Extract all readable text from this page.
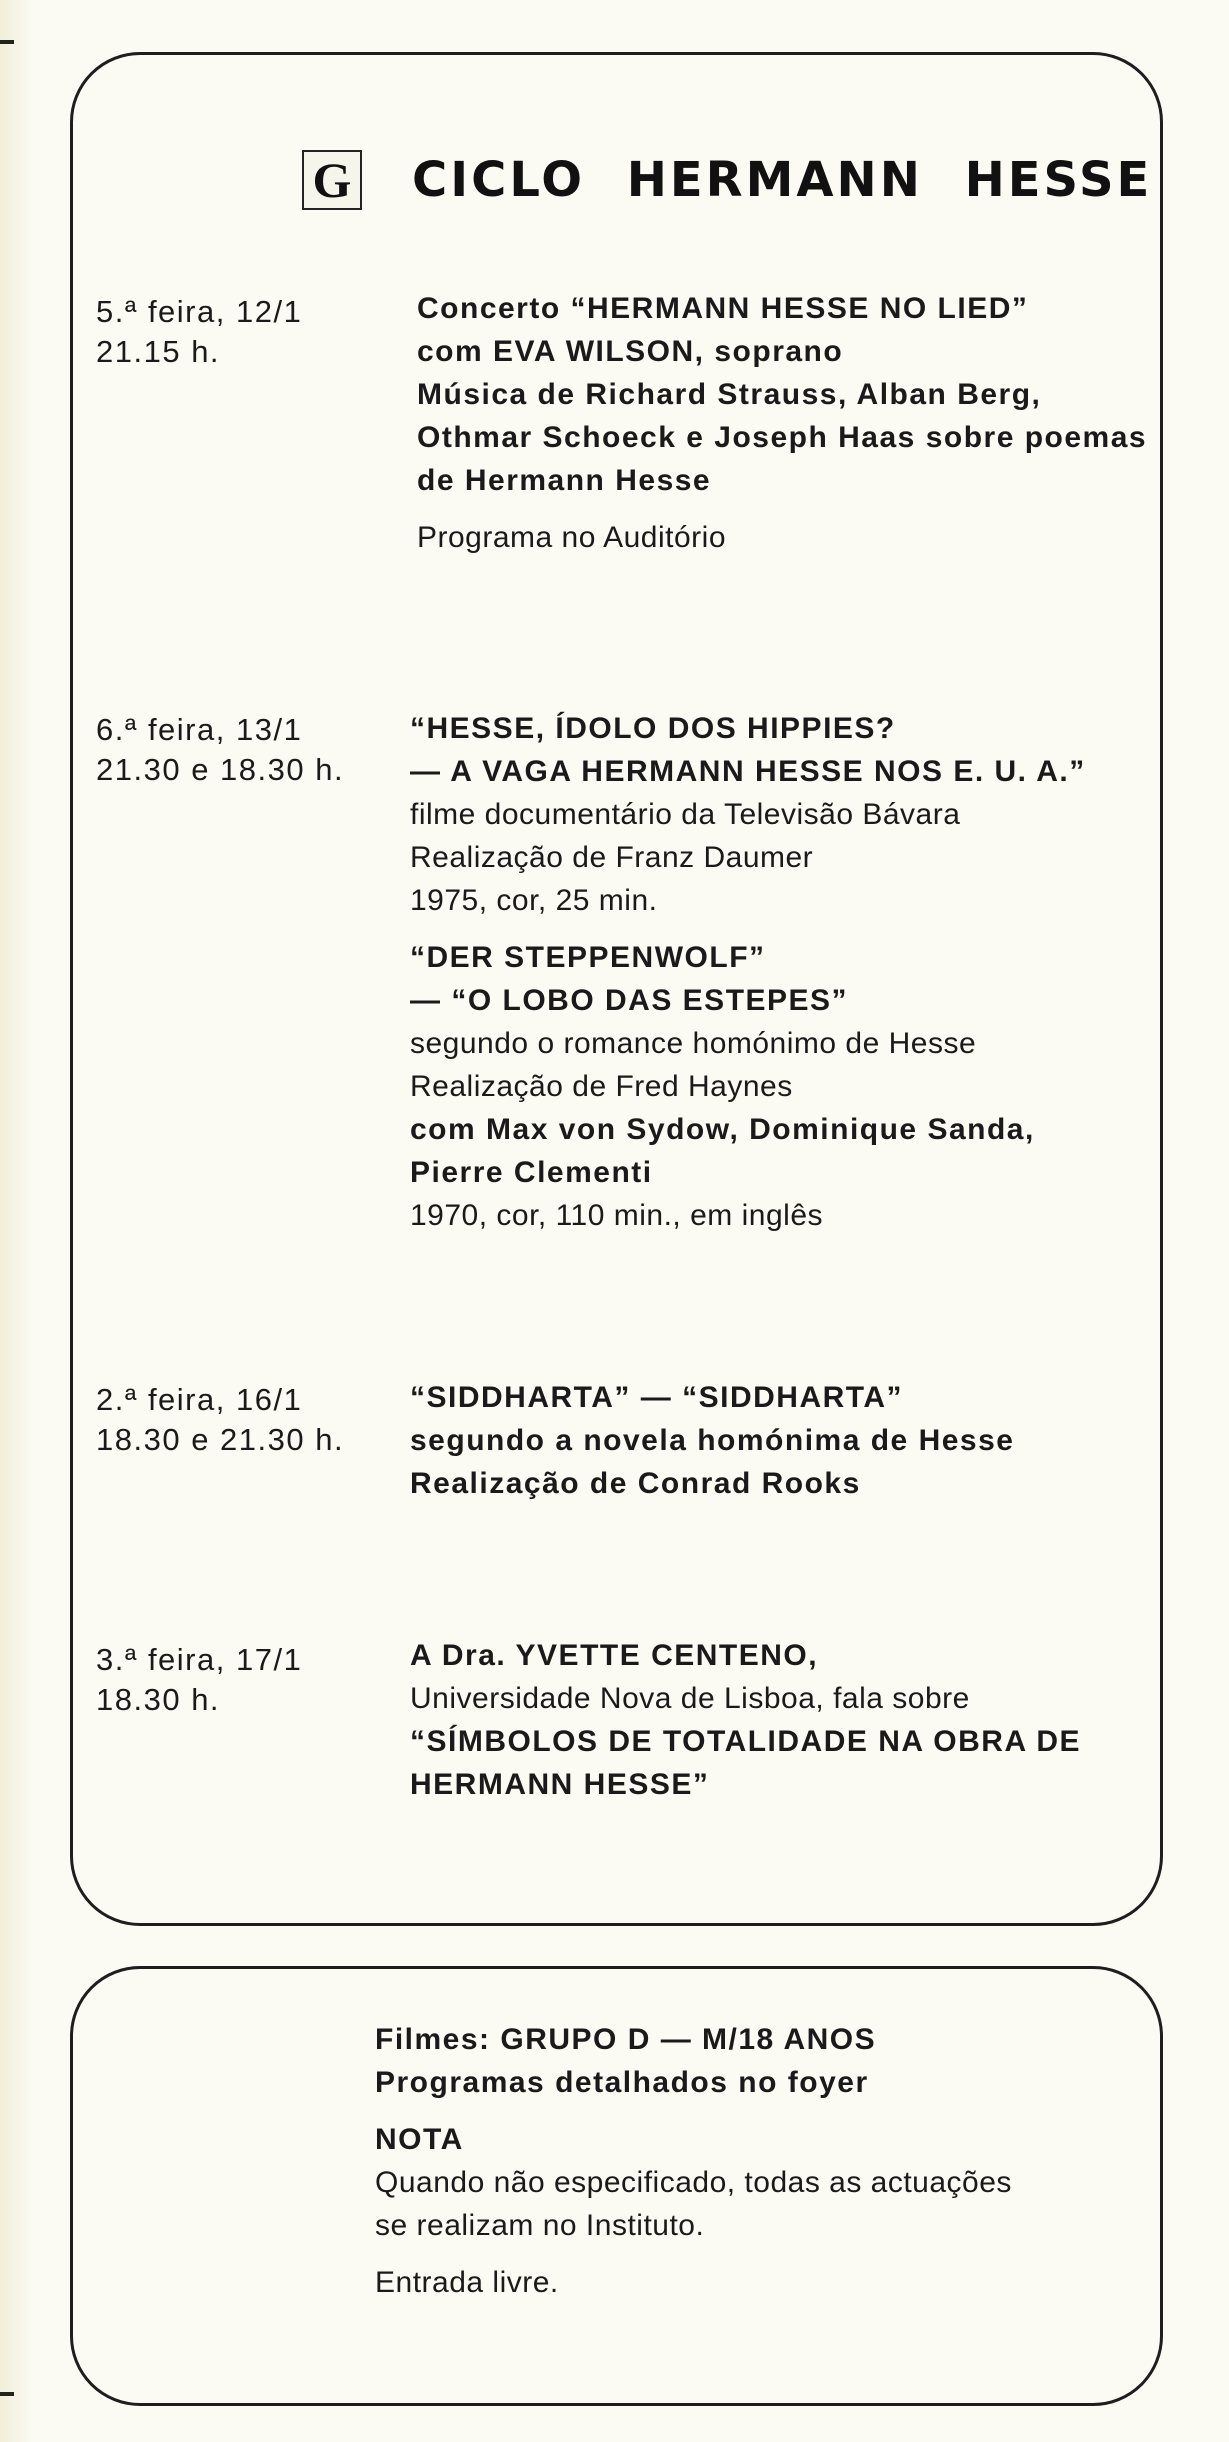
G CICLO HERMANN HESSE
5.ª feira, 12/1
21.15 h.
Concerto “HERMANN HESSE NO LIED”
com EVA WILSON, soprano
Música de Richard Strauss, Alban Berg,
Othmar Schoeck e Joseph Haas sobre poemas
de Hermann Hesse
Programa no Auditório
6.ª feira, 13/1
21.30 e 18.30 h.
“HESSE, ÍDOLO DOS HIPPIES?
— A VAGA HERMANN HESSE NOS E. U. A.”
filme documentário da Televisão Bávara
Realização de Franz Daumer
1975, cor, 25 min.
“DER STEPPENWOLF”
— “O LOBO DAS ESTEPES”
segundo o romance homónimo de Hesse
Realização de Fred Haynes
com Max von Sydow, Dominique Sanda,
Pierre Clementi
1970, cor, 110 min., em inglês
2.ª feira, 16/1
18.30 e 21.30 h.
“SIDDHARTA” — “SIDDHARTA”
segundo a novela homónima de Hesse
Realização de Conrad Rooks
3.ª feira, 17/1
18.30 h.
A Dra. YVETTE CENTENO,
Universidade Nova de Lisboa, fala sobre
“SÍMBOLOS DE TOTALIDADE NA OBRA DE
HERMANN HESSE”
Filmes: GRUPO D — M/18 ANOS
Programas detalhados no foyer
NOTA
Quando não especificado, todas as actuações
se realizam no Instituto.
Entrada livre.
